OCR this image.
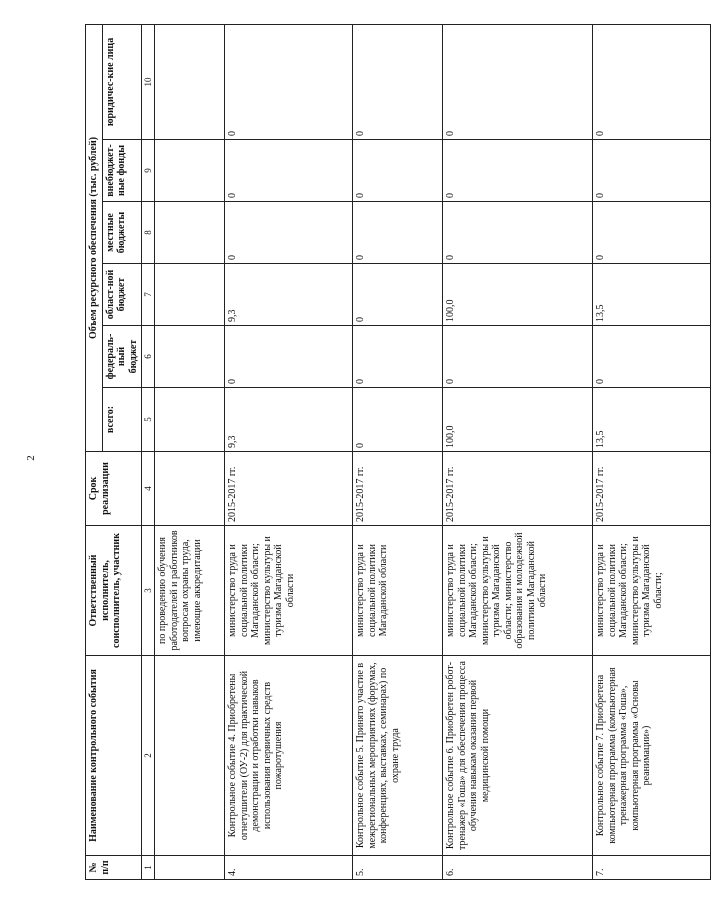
2
№ п/п	Наименование контрольного события	Ответственный исполнитель, соисполнитель, участник	Срок реализации	Объем ресурсного обеспечения (тыс. рублей)					
				всего:	федераль-ный бюджет	област-ной бюджет	местные бюджеты	внебюджет-ные фонды	юридичес-кие лица
1	2	3	4	5	6	7	8	9	10
		по проведению обучения работодателей и работников вопросам охраны труда, имеющие аккредитации							
4.	Контрольное событие 4. Приобретены огнетушители (ОУ-2) для практической демонстрации и отработки навыков использования первичных средств пожаротушения	министерство труда и социальной политики Магаданской области; министерство культуры и туризма Магаданской области	2015-2017 гг.	9,3	0	9,3	0	0	0
5.	Контрольное событие 5. Принято участие в межрегиональных мероприятиях (форумах, конференциях, выставках, семинарах) по охране труда	министерство труда и социальной политики Магаданской области	2015-2017 гг.	0	0	0	0	0	0
6.	Контрольное событие 6. Приобретен робот-тренажер «Гоша» для обеспечения процесса обучения навыкам оказания первой медицинской помощи	министерство труда и социальной политики Магаданской области; министерство культуры и туризма Магаданской области; министерство образования и молодежной политики Магаданской области	2015-2017 гг.	100,0	0	100,0	0	0	0
7.	Контрольное событие 7. Приобретена компьютерная программа (компьютерная тренажерная программа «Гоша», компьютерная программа «Основы реанимации»)	министерство труда и социальной политики Магаданской области; министерство культуры и туризма Магаданской области;	2015-2017 гг.	13,5	0	13,5	0	0	0
